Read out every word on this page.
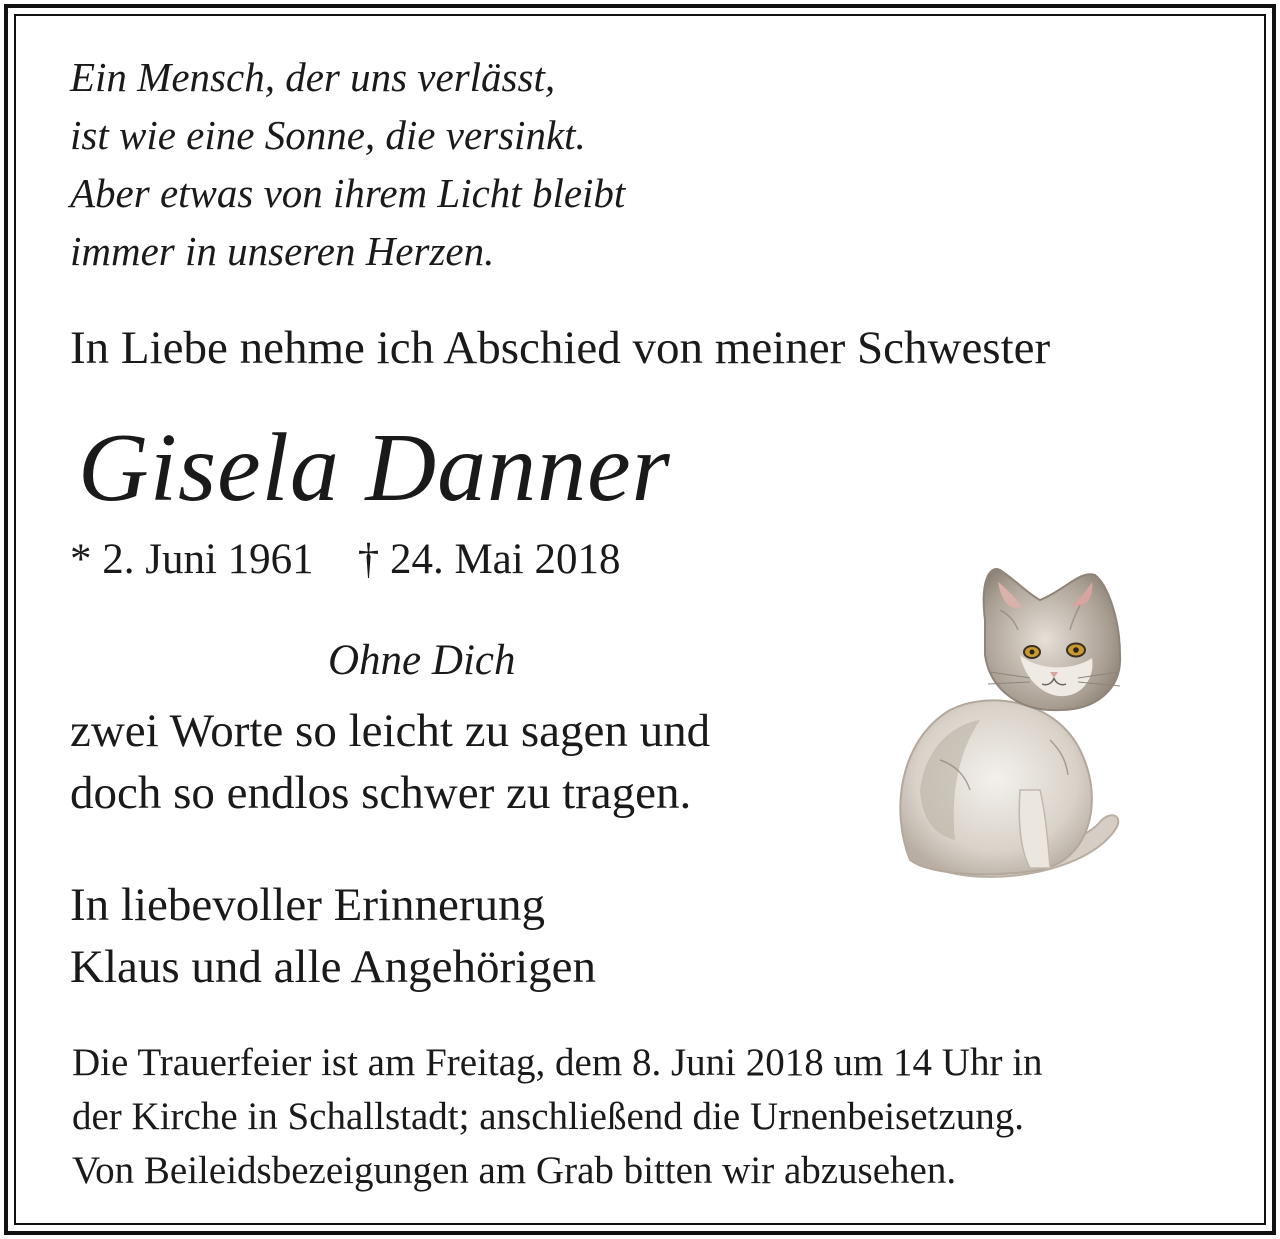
Ein Mensch, der uns verlässt,
ist wie eine Sonne, die versinkt.
Aber etwas von ihrem Licht bleibt
immer in unseren Herzen.
In Liebe nehme ich Abschied von meiner Schwester
Gisela Danner
* 2. Juni 1961 † 24. Mai 2018
Ohne Dich
zwei Worte so leicht zu sagen und
doch so endlos schwer zu tragen.
In liebevoller Erinnerung
Klaus und alle Angehörigen
Die Trauerfeier ist am Freitag, dem 8. Juni 2018 um 14 Uhr in
der Kirche in Schallstadt; anschließend die Urnenbeisetzung.
Von Beileidsbezeigungen am Grab bitten wir abzusehen.
